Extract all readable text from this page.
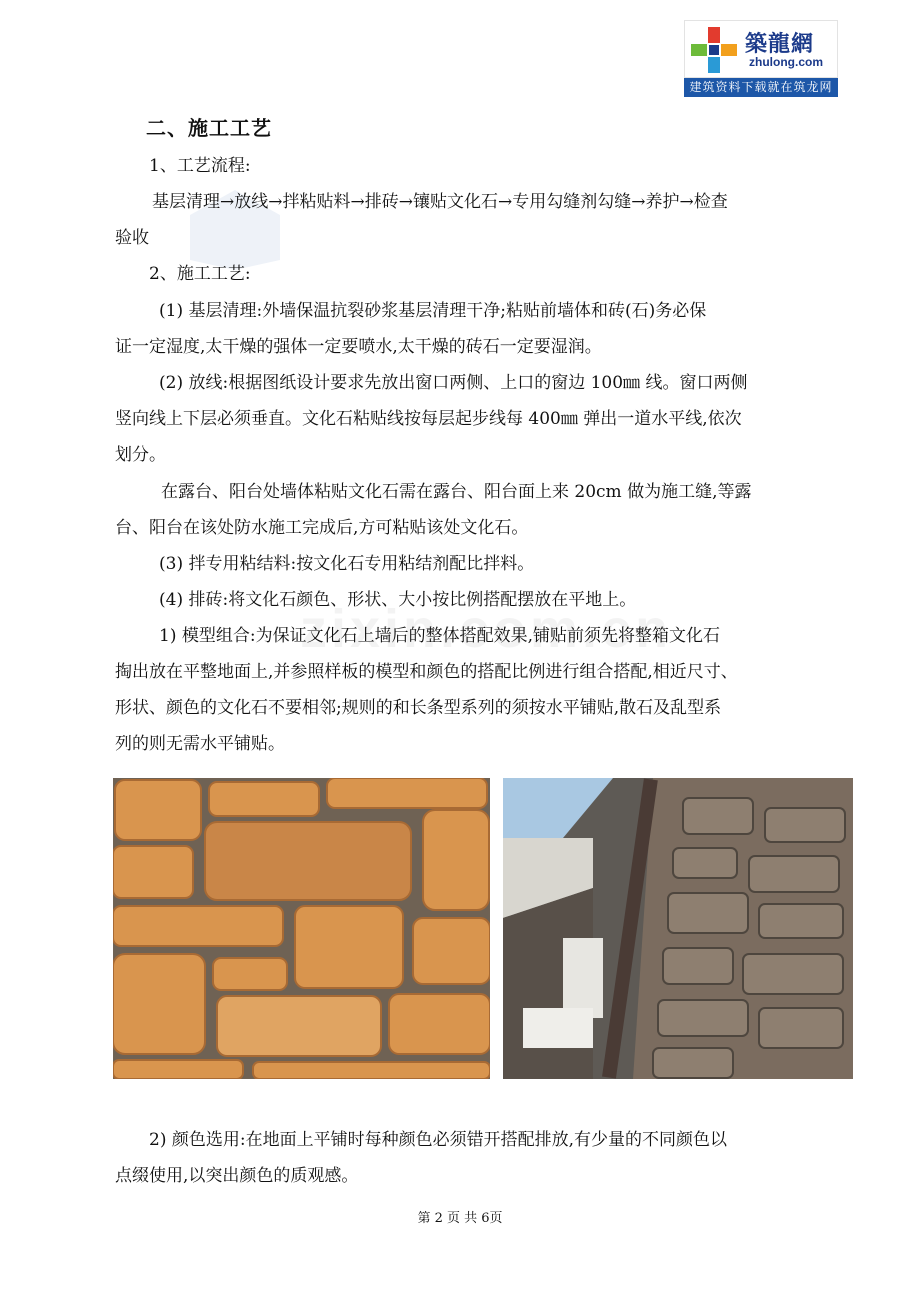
築龍網
zhulong.com
建筑资料下载就在筑龙网
二、施工工艺
1、工艺流程:
基层清理→放线→拌粘贴料→排砖→镶贴文化石→专用勾缝剂勾缝→养护→检查
验收
2、施工工艺:
(1) 基层清理:外墙保温抗裂砂浆基层清理干净;粘贴前墙体和砖(石)务必保
证一定湿度,太干燥的强体一定要喷水,太干燥的砖石一定要湿润。
(2) 放线:根据图纸设计要求先放出窗口两侧、上口的窗边 100㎜ 线。窗口两侧
竖向线上下层必须垂直。文化石粘贴线按每层起步线每 400㎜ 弹出一道水平线,依次
划分。
在露台、阳台处墙体粘贴文化石需在露台、阳台面上来 20cm 做为施工缝,等露
台、阳台在该处防水施工完成后,方可粘贴该处文化石。
(3) 拌专用粘结料:按文化石专用粘结剂配比拌料。
(4) 排砖:将文化石颜色、形状、大小按比例搭配摆放在平地上。
1) 模型组合:为保证文化石上墙后的整体搭配效果,铺贴前须先将整箱文化石
掏出放在平整地面上,并参照样板的模型和颜色的搭配比例进行组合搭配,相近尺寸、
形状、颜色的文化石不要相邻;规则的和长条型系列的须按水平铺贴,散石及乱型系
列的则无需水平铺贴。
2) 颜色选用:在地面上平铺时每种颜色必须错开搭配排放,有少量的不同颜色以
点缀使用,以突出颜色的质观感。
第 2 页 共 6页
